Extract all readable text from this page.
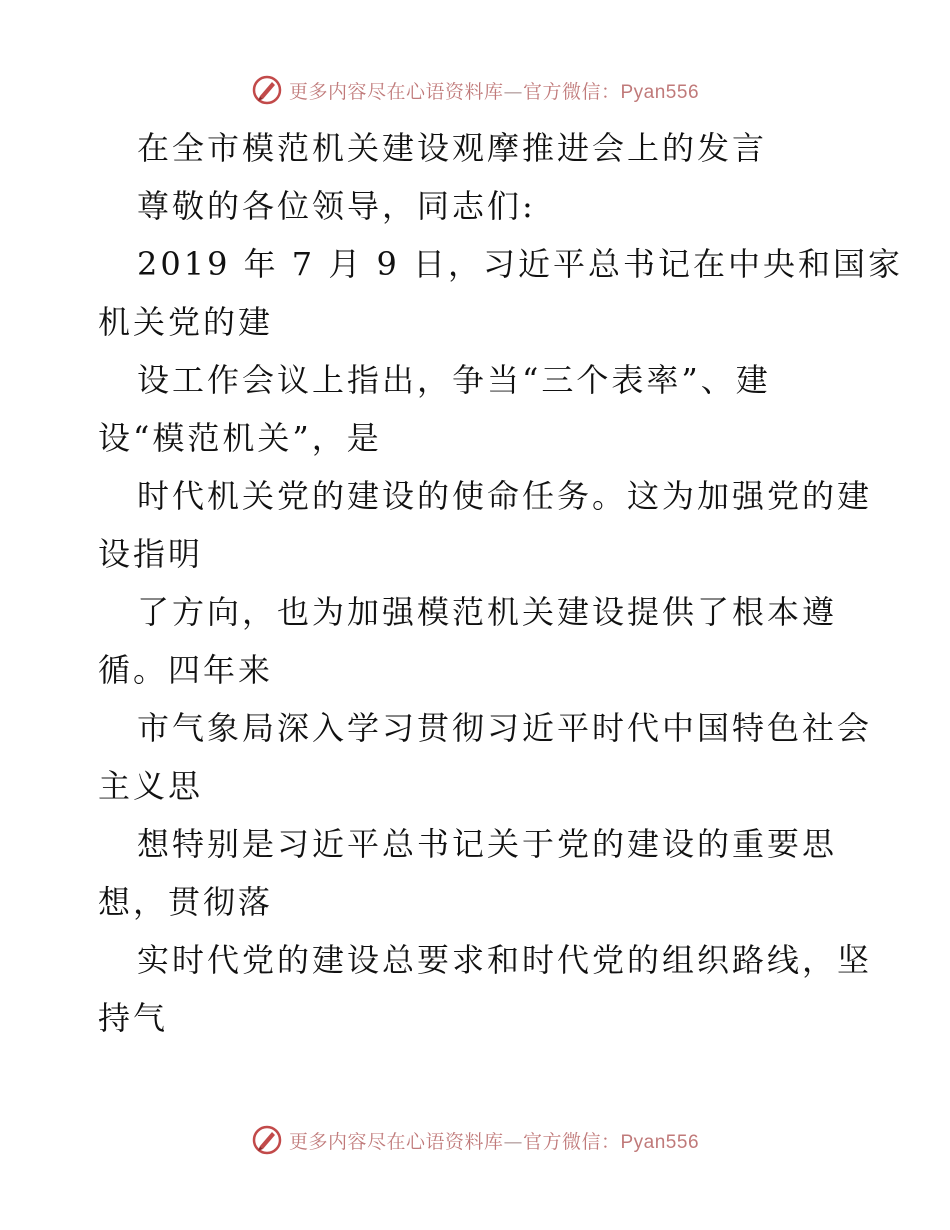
更多内容尽在心语资料库—官方微信：Pyan556
在全市模范机关建设观摩推进会上的发言
尊敬的各位领导，同志们:
2019 年 7 月 9 日，习近平总书记在中央和国家
机关党的建
设工作会议上指出，争当“三个表率”、建
设“模范机关”，是
时代机关党的建设的使命任务。这为加强党的建
设指明
了方向，也为加强模范机关建设提供了根本遵
循。四年来
市气象局深入学习贯彻习近平时代中国特色社会
主义思
想特别是习近平总书记关于党的建设的重要思
想，贯彻落
实时代党的建设总要求和时代党的组织路线，坚
持气
更多内容尽在心语资料库—官方微信：Pyan556
